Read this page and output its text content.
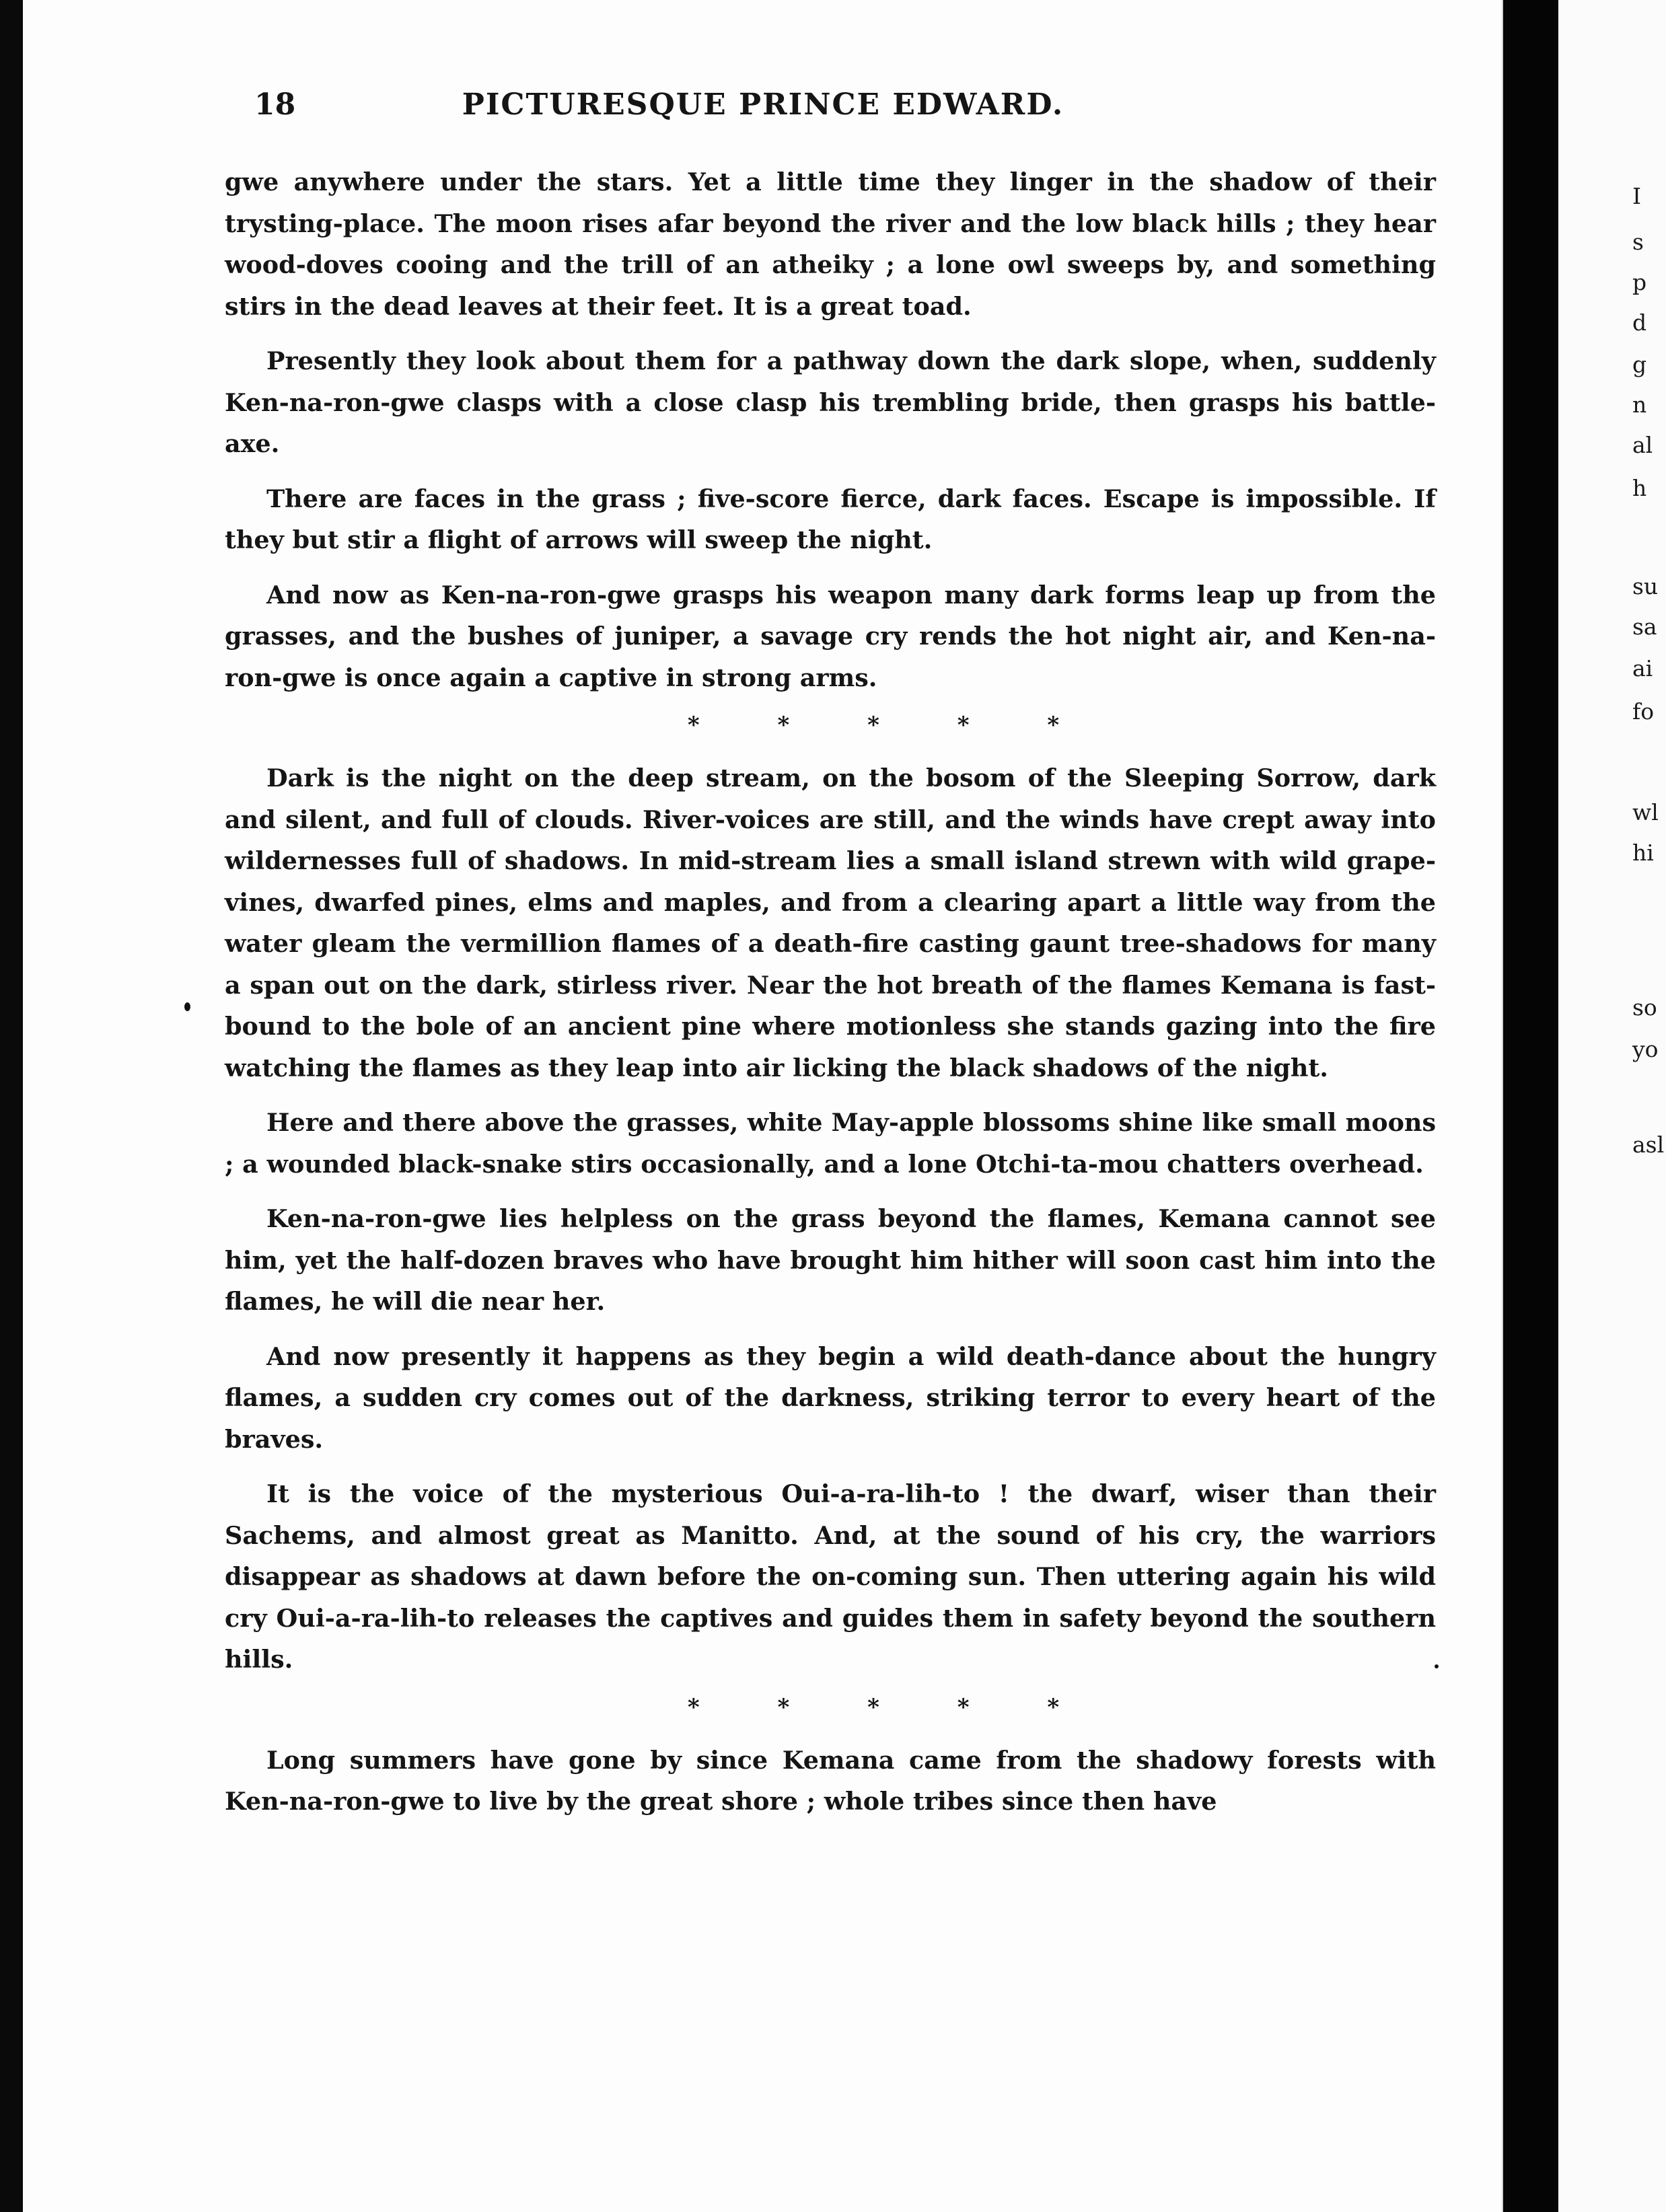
18	PICTURESQUE PRINCE EDWARD.

gwe anywhere under the stars. Yet a little time they linger in the shadow of their trysting-place. The moon rises afar beyond the river and the low black hills ; they hear wood-doves cooing and the trill of an atheiky ; a lone owl sweeps by, and something stirs in the dead leaves at their feet. It is a great toad.

Presently they look about them for a pathway down the dark slope, when, suddenly Ken-na-ron-gwe clasps with a close clasp his trembling bride, then grasps his battle-axe.

There are faces in the grass ; five-score fierce, dark faces. Escape is impossible. If they but stir a flight of arrows will sweep the night.

And now as Ken-na-ron-gwe grasps his weapon many dark forms leap up from the grasses, and the bushes of juniper, a savage cry rends the hot night air, and Ken-na-ron-gwe is once again a captive in strong arms.

* * * * *

Dark is the night on the deep stream, on the bosom of the Sleeping Sorrow, dark and silent, and full of clouds. River-voices are still, and the winds have crept away into wildernesses full of shadows. In mid-stream lies a small island strewn with wild grape-vines, dwarfed pines, elms and maples, and from a clearing apart a little way from the water gleam the vermillion flames of a death-fire casting gaunt tree-shadows for many a span out on the dark, stirless river. Near the hot breath of the flames Kemana is fast-bound to the bole of an ancient pine where motionless she stands gazing into the fire watching the flames as they leap into air licking the black shadows of the night.

Here and there above the grasses, white May-apple blossoms shine like small moons ; a wounded black-snake stirs occasionally, and a lone Otchi-ta-mou chatters overhead.

Ken-na-ron-gwe lies helpless on the grass beyond the flames, Kemana cannot see him, yet the half-dozen braves who have brought him hither will soon cast him into the flames, he will die near her.

And now presently it happens as they begin a wild death-dance about the hungry flames, a sudden cry comes out of the darkness, striking terror to every heart of the braves.

It is the voice of the mysterious Oui-a-ra-lih-to ! the dwarf, wiser than their Sachems, and almost great as Manitto. And, at the sound of his cry, the warriors disappear as shadows at dawn before the on-coming sun. Then uttering again his wild cry Oui-a-ra-lih-to releases the captives and guides them in safety beyond the southern hills.

* * * * *

Long summers have gone by since Kemana came from the shadowy forests with Ken-na-ron-gwe to live by the great shore ; whole tribes since then have

I
s
p
d
g
n
al
h
su
sa
ai
fo
wl
hi
so
yo
asl
